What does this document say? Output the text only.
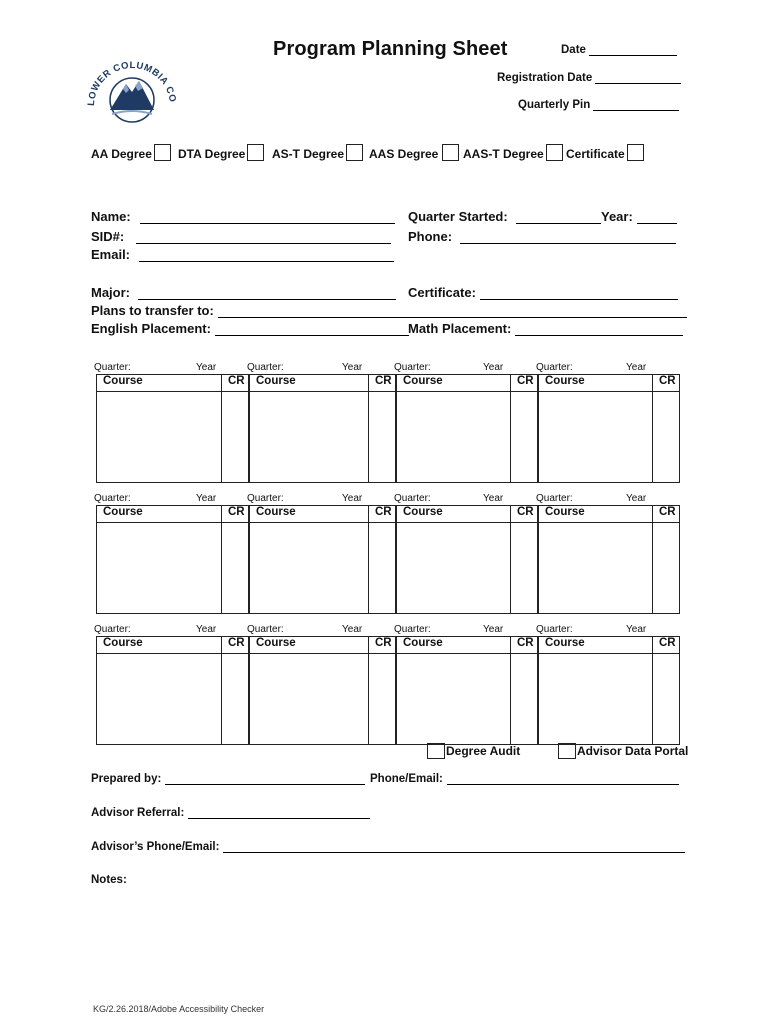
LOWER COLUMBIA CO
Program Planning Sheet	Date
Registration Date
Quarterly Pin
AA Degree DTA Degree AS-T Degree AAS Degree AAS-T Degree Certificate
Name:
SID#:
Email:
Quarter Started:	Year:
Phone:
Major:	Certificate:
Plans to transfer to:
English Placement:	Math Placement:
Quarter:	Year
Course	CR

Quarter:	Year
Course	CR

Quarter:	Year
Course	CR

Quarter:	Year
Course	CR

Quarter:	Year
Course	CR

Quarter:	Year
Course	CR

Quarter:	Year
Course	CR

Quarter:	Year
Course	CR

Quarter:	Year
Course	CR

Quarter:	Year
Course	CR

Quarter:	Year
Course	CR

Quarter:	Year
Course	CR

Degree Audit	Advisor Data Portal
Prepared by:	Phone/Email:
Advisor Referral:
Advisor’s Phone/Email:
Notes:
KG/2.26.2018/Adobe Accessibility Checker
